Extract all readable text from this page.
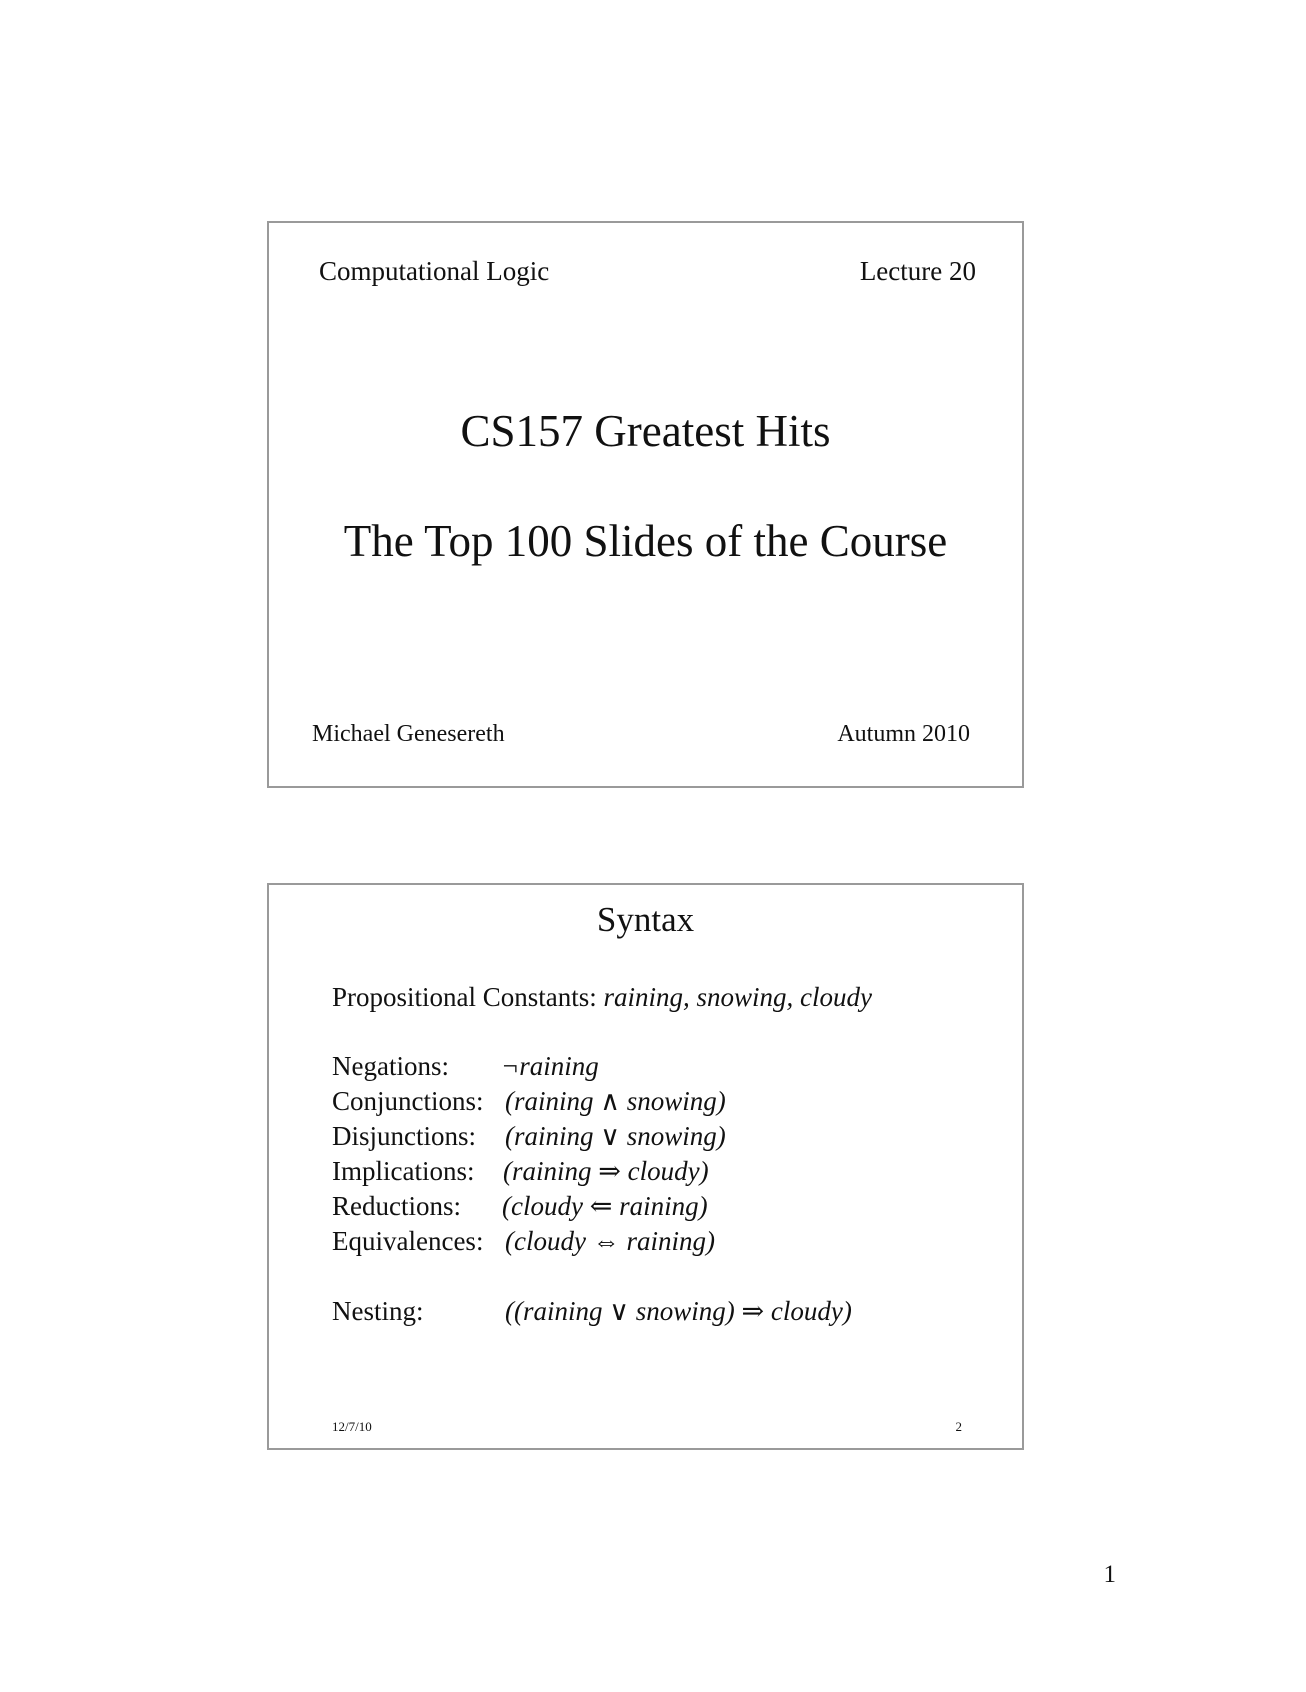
Computational Logic	Lecture 20
CS157 Greatest Hits
The Top 100 Slides of the Course
Michael Genesereth	Autumn 2010
Syntax
Propositional Constants: raining, snowing, cloudy
Negations: ¬raining
Conjunctions: (raining ∧ snowing)
Disjunctions: (raining ∨ snowing)
Implications: (raining ⇒ cloudy)
Reductions: (cloudy ⇐ raining)
Equivalences: (cloudy ⇔ raining)
Nesting:	((raining ∨ snowing) ⇒ cloudy)
12/7/10	2
1
